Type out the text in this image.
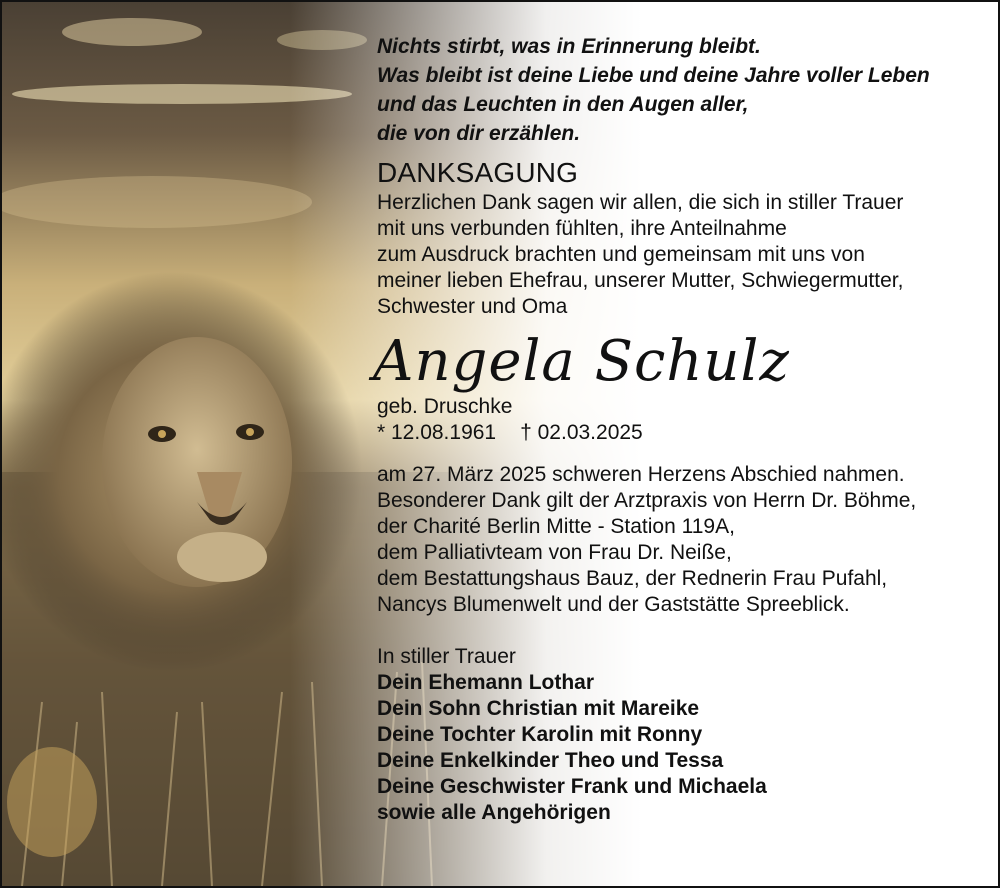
Nichts stirbt, was in Erinnerung bleibt.
Was bleibt ist deine Liebe und deine Jahre voller Leben
und das Leuchten in den Augen aller,
die von dir erzählen.
DANKSAGUNG
Herzlichen Dank sagen wir allen, die sich in stiller Trauer
mit uns verbunden fühlten, ihre Anteilnahme
zum Ausdruck brachten und gemeinsam mit uns von
meiner lieben Ehefrau, unserer Mutter, Schwiegermutter,
Schwester und Oma
Angela Schulz
geb. Druschke
* 12.08.1961 † 02.03.2025
am 27. März 2025 schweren Herzens Abschied nahmen.
Besonderer Dank gilt der Arztpraxis von Herrn Dr. Böhme,
der Charité Berlin Mitte - Station 119A,
dem Palliativteam von Frau Dr. Neiße,
dem Bestattungshaus Bauz, der Rednerin Frau Pufahl,
Nancys Blumenwelt und der Gaststätte Spreeblick.
In stiller Trauer
Dein Ehemann Lothar
Dein Sohn Christian mit Mareike
Deine Tochter Karolin mit Ronny
Deine Enkelkinder Theo und Tessa
Deine Geschwister Frank und Michaela
sowie alle Angehörigen
